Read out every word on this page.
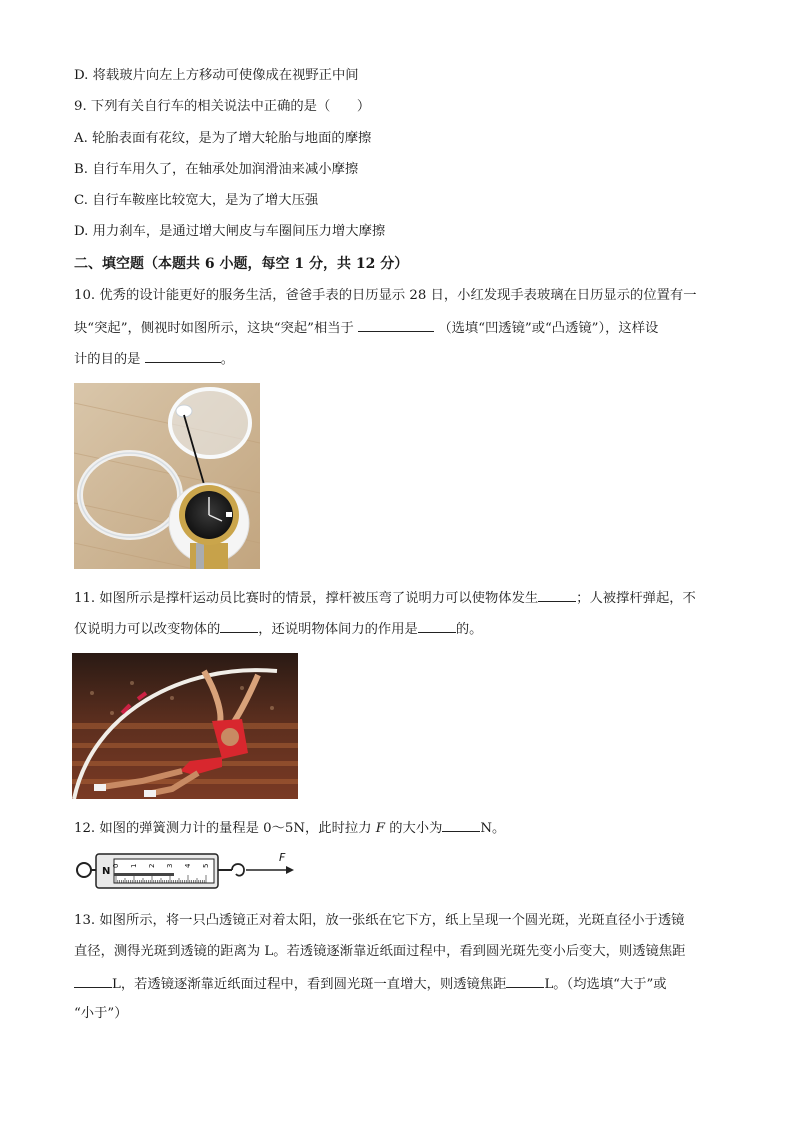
D. 将载玻片向左上方移动可使像成在视野正中间
9. 下列有关自行车的相关说法中正确的是（　　）
A. 轮胎表面有花纹，是为了增大轮胎与地面的摩擦
B. 自行车用久了，在轴承处加润滑油来减小摩擦
C. 自行车鞍座比较宽大，是为了增大压强
D. 用力刹车，是通过增大闸皮与车圈间压力增大摩擦
二、填空题（本题共 6 小题，每空 1 分，共 12 分）
10. 优秀的设计能更好的服务生活，爸爸手表的日历显示 28 日，小红发现手表玻璃在日历显示的位置有一
块“突起”，侧视时如图所示，这块“突起”相当于	（选填“凹透镜”或“凸透镜”），这样设
计的目的是	。
11. 如图所示是撑杆运动员比赛时的情景，撑杆被压弯了说明力可以使物体发生	；人被撑杆弹起，不
仅说明力可以改变物体的	，还说明物体间力的作用是	的。
12. 如图的弹簧测力计的量程是 0～5N，此时拉力 F 的大小为	N。
N
0 1 2 3 4 5
F
13. 如图所示，将一只凸透镜正对着太阳，放一张纸在它下方，纸上呈现一个圆光斑，光斑直径小于透镜
直径，测得光斑到透镜的距离为 L。若透镜逐渐靠近纸面过程中，看到圆光斑先变小后变大，则透镜焦距
L，若透镜逐渐靠近纸面过程中，看到圆光斑一直增大，则透镜焦距	L。（均选填“大于”或
“小于”）
